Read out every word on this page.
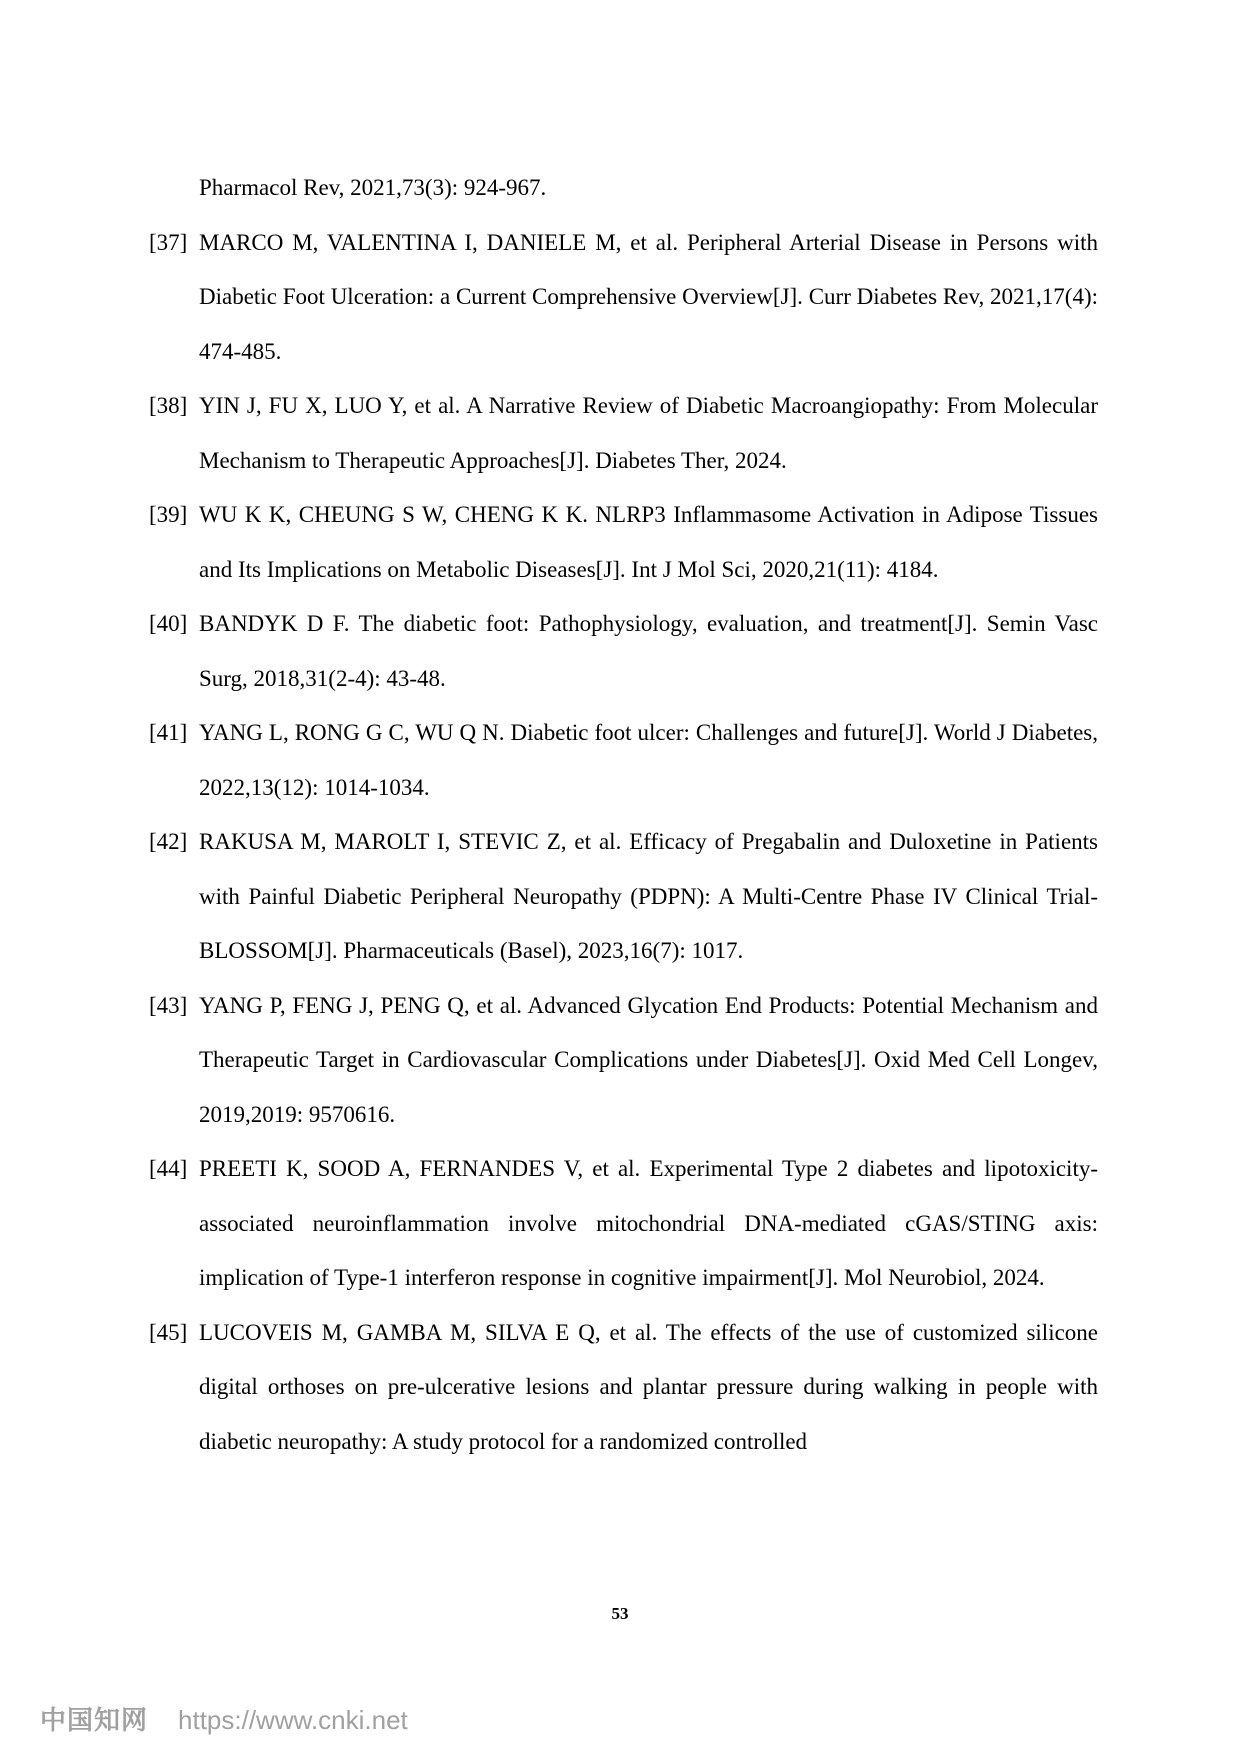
Pharmacol Rev, 2021,73(3): 924-967.
[37] MARCO M, VALENTINA I, DANIELE M, et al. Peripheral Arterial Disease in Persons with Diabetic Foot Ulceration: a Current Comprehensive Overview[J]. Curr Diabetes Rev, 2021,17(4): 474-485.
[38] YIN J, FU X, LUO Y, et al. A Narrative Review of Diabetic Macroangiopathy: From Molecular Mechanism to Therapeutic Approaches[J]. Diabetes Ther, 2024.
[39] WU K K, CHEUNG S W, CHENG K K. NLRP3 Inflammasome Activation in Adipose Tissues and Its Implications on Metabolic Diseases[J]. Int J Mol Sci, 2020,21(11): 4184.
[40] BANDYK D F. The diabetic foot: Pathophysiology, evaluation, and treatment[J]. Semin Vasc Surg, 2018,31(2-4): 43-48.
[41] YANG L, RONG G C, WU Q N. Diabetic foot ulcer: Challenges and future[J]. World J Diabetes, 2022,13(12): 1014-1034.
[42] RAKUSA M, MAROLT I, STEVIC Z, et al. Efficacy of Pregabalin and Duloxetine in Patients with Painful Diabetic Peripheral Neuropathy (PDPN): A Multi-Centre Phase IV Clinical Trial-BLOSSOM[J]. Pharmaceuticals (Basel), 2023,16(7): 1017.
[43] YANG P, FENG J, PENG Q, et al. Advanced Glycation End Products: Potential Mechanism and Therapeutic Target in Cardiovascular Complications under Diabetes[J]. Oxid Med Cell Longev, 2019,2019: 9570616.
[44] PREETI K, SOOD A, FERNANDES V, et al. Experimental Type 2 diabetes and lipotoxicity-associated neuroinflammation involve mitochondrial DNA-mediated cGAS/STING axis: implication of Type-1 interferon response in cognitive impairment[J]. Mol Neurobiol, 2024.
[45] LUCOVEIS M, GAMBA M, SILVA E Q, et al. The effects of the use of customized silicone digital orthoses on pre-ulcerative lesions and plantar pressure during walking in people with diabetic neuropathy: A study protocol for a randomized controlled
53
中国知网 https://www.cnki.net
